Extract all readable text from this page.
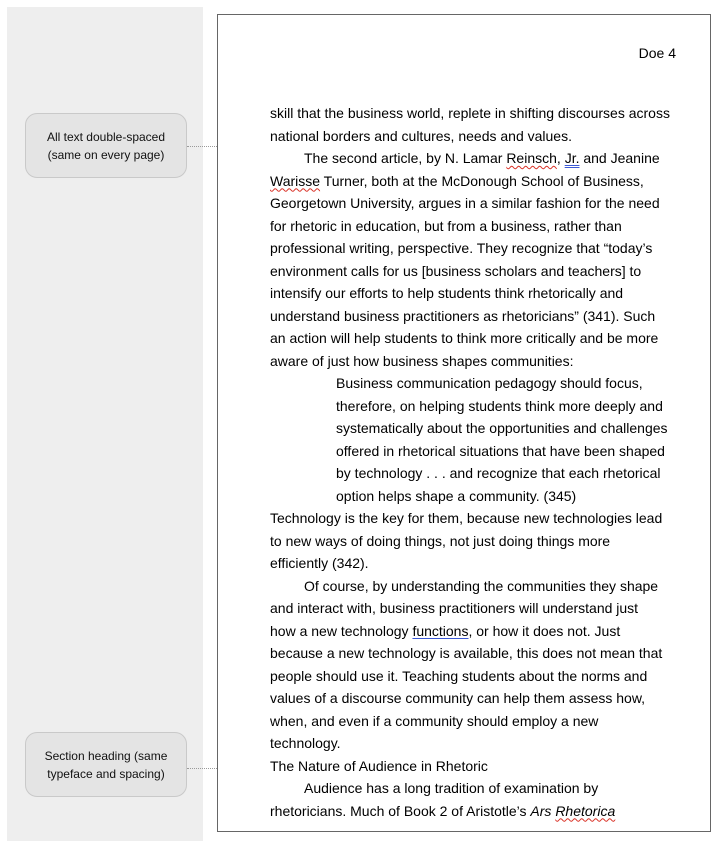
All text double-spaced (same on every page)
Section heading (same typeface and spacing)
Doe 4
skill that the business world, replete in shifting discourses across
national borders and cultures, needs and values.
The second article, by N. Lamar Reinsch, Jr. and Jeanine
Warisse Turner, both at the McDonough School of Business,
Georgetown University, argues in a similar fashion for the need
for rhetoric in education, but from a business, rather than
professional writing, perspective. They recognize that “today’s
environment calls for us [business scholars and teachers] to
intensify our efforts to help students think rhetorically and
understand business practitioners as rhetoricians” (341). Such
an action will help students to think more critically and be more
aware of just how business shapes communities:
Business communication pedagogy should focus,
therefore, on helping students think more deeply and
systematically about the opportunities and challenges
offered in rhetorical situations that have been shaped
by technology . . . and recognize that each rhetorical
option helps shape a community. (345)
Technology is the key for them, because new technologies lead
to new ways of doing things, not just doing things more
efficiently (342).
Of course, by understanding the communities they shape
and interact with, business practitioners will understand just
how a new technology functions, or how it does not. Just
because a new technology is available, this does not mean that
people should use it. Teaching students about the norms and
values of a discourse community can help them assess how,
when, and even if a community should employ a new
technology.
The Nature of Audience in Rhetoric
Audience has a long tradition of examination by
rhetoricians. Much of Book 2 of Aristotle’s Ars Rhetorica
